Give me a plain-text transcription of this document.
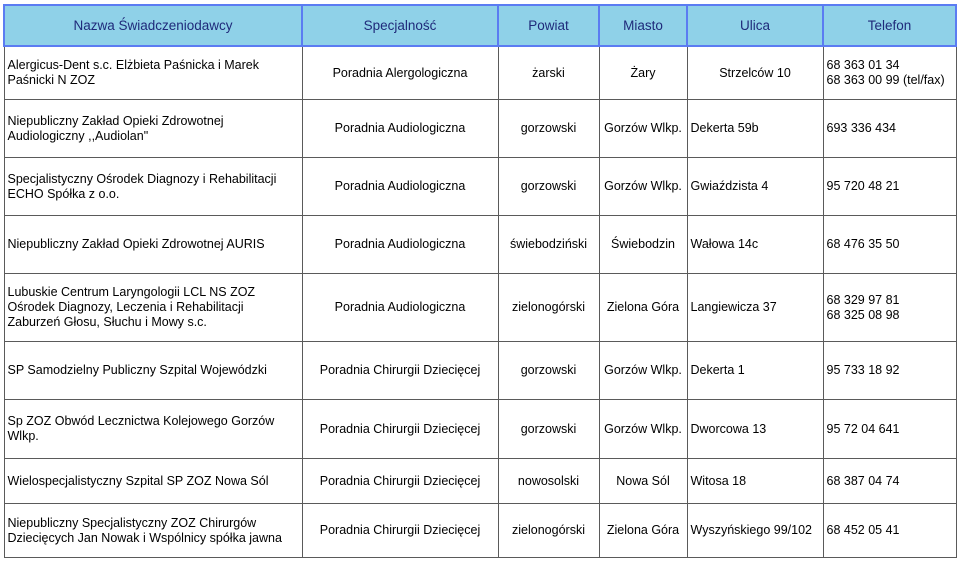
Nazwa Świadczeniodawcy	Specjalność	Powiat	Miasto	Ulica	Telefon
Alergicus-Dent s.c. Elżbieta Paśnicka i Marek Paśnicki N ZOZ	Poradnia Alergologiczna	żarski	Żary	Strzelców 10	68 363 01 34
68 363 00 99 (tel/fax)

Niepubliczny Zakład Opieki Zdrowotnej Audiologiczny ,,Audiolan"	Poradnia Audiologiczna	gorzowski	Gorzów Wlkp.	Dekerta 59b	693 336 434
Specjalistyczny Ośrodek Diagnozy i Rehabilitacji ECHO Spółka z o.o.	Poradnia Audiologiczna	gorzowski	Gorzów Wlkp.	Gwiaździsta 4	95 720 48 21
Niepubliczny Zakład Opieki Zdrowotnej AURIS	Poradnia Audiologiczna	świebodziński	Świebodzin	Wałowa 14c	68 476 35 50
Lubuskie Centrum Laryngologii LCL NS ZOZ Ośrodek Diagnozy, Leczenia i Rehabilitacji Zaburzeń Głosu, Słuchu i Mowy s.c.	Poradnia Audiologiczna	zielonogórski	Zielona Góra	Langiewicza 37	68 329 97 81
68 325 08 98

SP Samodzielny Publiczny Szpital Wojewódzki	Poradnia Chirurgii Dziecięcej	gorzowski	Gorzów Wlkp.	Dekerta 1	95 733 18 92
Sp ZOZ Obwód Lecznictwa Kolejowego Gorzów Wlkp.	Poradnia Chirurgii Dziecięcej	gorzowski	Gorzów Wlkp.	Dworcowa 13	95 72 04 641
Wielospecjalistyczny Szpital SP ZOZ Nowa Sól	Poradnia Chirurgii Dziecięcej	nowosolski	Nowa Sól	Witosa 18	68 387 04 74
Niepubliczny Specjalistyczny ZOZ Chirurgów Dziecięcych Jan Nowak i Wspólnicy spółka jawna	Poradnia Chirurgii Dziecięcej	zielonogórski	Zielona Góra	Wyszyńskiego 99/102	68 452 05 41
